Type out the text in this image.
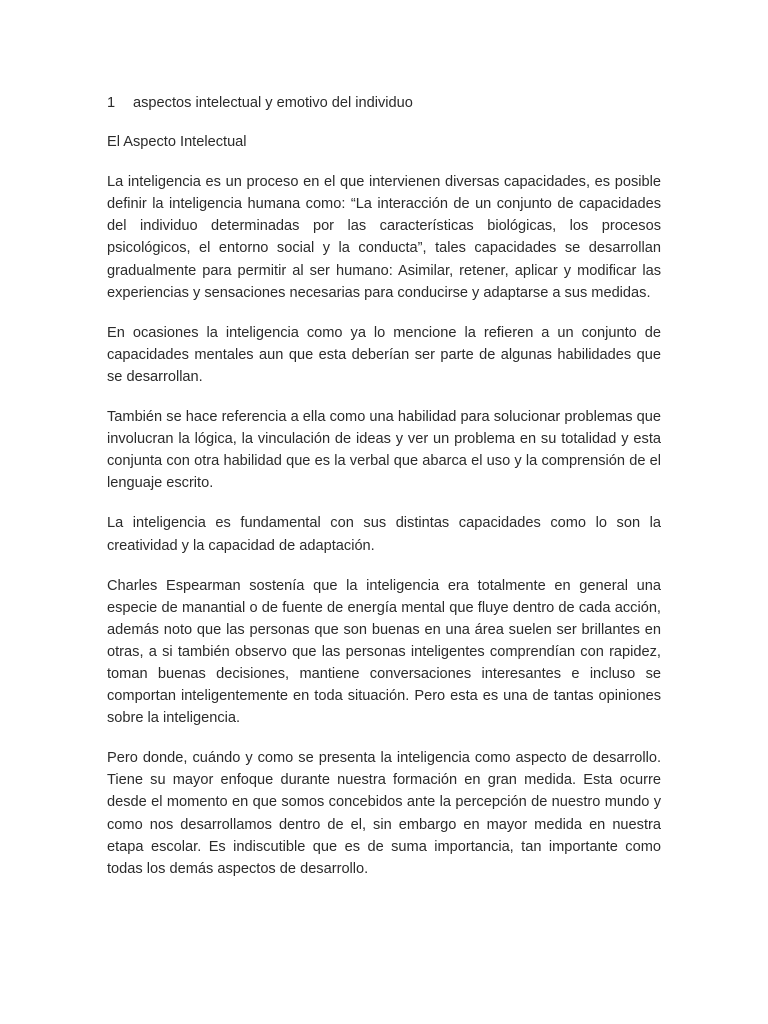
1	aspectos intelectual y emotivo del individuo
El Aspecto Intelectual

La inteligencia es un proceso en el que intervienen diversas capacidades, es posible definir la inteligencia humana como: “La interacción de un conjunto de capacidades del individuo determinadas por las características biológicas, los procesos psicológicos, el entorno social y la conducta”, tales capacidades se desarrollan gradualmente para permitir al ser humano: Asimilar, retener, aplicar y modificar las experiencias y sensaciones necesarias para conducirse y adaptarse a sus medidas.

En ocasiones la inteligencia como ya lo mencione la refieren a un conjunto de capacidades mentales aun que esta deberían ser parte de algunas habilidades que se desarrollan.

También se hace referencia a ella como una habilidad para solucionar problemas que involucran la lógica, la vinculación de ideas y ver un problema en su totalidad y esta conjunta con otra habilidad que es la verbal que abarca el uso y la comprensión de el lenguaje escrito.

La inteligencia es fundamental con sus distintas capacidades como lo son la creatividad y la capacidad de adaptación.

Charles Espearman sostenía que la inteligencia era totalmente en general una especie de manantial o de fuente de energía mental que fluye dentro de cada acción, además noto que las personas que son buenas en una área suelen ser brillantes en otras, a si también observo que las personas inteligentes comprendían con rapidez, toman buenas decisiones, mantiene conversaciones interesantes e incluso se comportan inteligentemente en toda situación. Pero esta es una de tantas opiniones sobre la inteligencia.

Pero donde, cuándo y como se presenta la inteligencia como aspecto de desarrollo. Tiene su mayor enfoque durante nuestra formación en gran medida. Esta ocurre desde el momento en que somos concebidos ante la percepción de nuestro mundo y como nos desarrollamos dentro de el, sin embargo en mayor medida en nuestra etapa escolar. Es indiscutible que es de suma importancia, tan importante como todas los demás aspectos de desarrollo.
